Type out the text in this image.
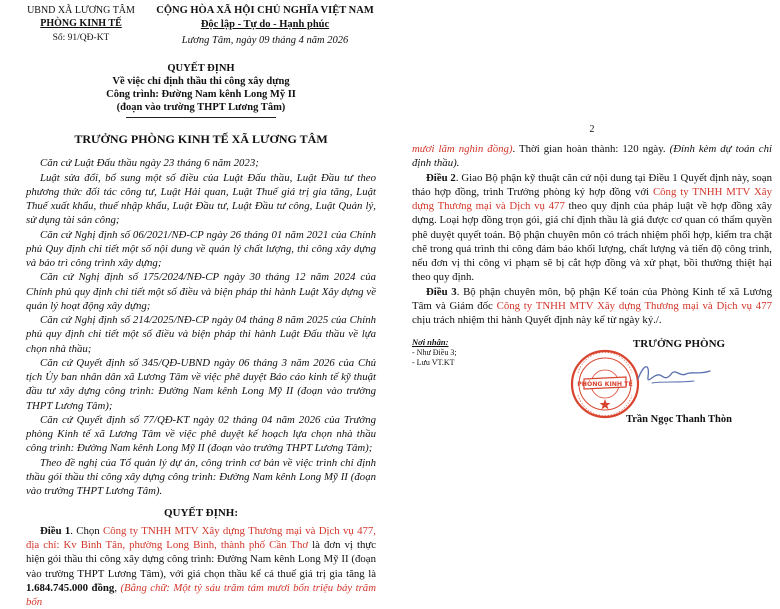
UBND XÃ LƯƠNG TÂM
PHÒNG KINH TẾ
Số: 91/QĐ-KT
CỘNG HÒA XÃ HỘI CHỦ NGHĨA VIỆT NAM
Độc lập - Tự do - Hạnh phúc
Lương Tâm, ngày 09 tháng 4 năm 2026
QUYẾT ĐỊNH
Về việc chỉ định thầu thi công xây dựng
Công trình: Đường Nam kênh Long Mỹ II
(đoạn vào trường THPT Lương Tâm)
TRƯỞNG PHÒNG KINH TẾ XÃ LƯƠNG TÂM

Căn cứ Luật Đấu thầu ngày 23 tháng 6 năm 2023;

Luật sửa đổi, bổ sung một số điều của Luật Đấu thầu, Luật Đầu tư theo phương thức đối tác công tư, Luật Hải quan, Luật Thuế giá trị gia tăng, Luật Thuế xuất khẩu, thuế nhập khẩu, Luật Đầu tư, Luật Đầu tư công, Luật Quản lý, sử dụng tài sản công;

Căn cứ Nghị định số 06/2021/NĐ-CP ngày 26 tháng 01 năm 2021 của Chính phủ Quy định chi tiết một số nội dung về quản lý chất lượng, thi công xây dựng và bảo trì công trình xây dựng;

Căn cứ Nghị định số 175/2024/NĐ-CP ngày 30 tháng 12 năm 2024 của Chính phủ quy định chi tiết một số điều và biện pháp thi hành Luật Xây dựng về quản lý hoạt động xây dựng;

Căn cứ Nghị định số 214/2025/NĐ-CP ngày 04 tháng 8 năm 2025 của Chính phủ quy định chi tiết một số điều và biện pháp thi hành Luật Đấu thầu về lựa chọn nhà thầu;

Căn cứ Quyết định số 345/QĐ-UBND ngày 06 tháng 3 năm 2026 của Chủ tịch Ủy ban nhân dân xã Lương Tâm về việc phê duyệt Báo cáo kinh tế kỹ thuật đầu tư xây dựng công trình: Đường Nam kênh Long Mỹ II (đoạn vào trường THPT Lương Tâm);

Căn cứ Quyết định số 77/QĐ-KT ngày 02 tháng 04 năm 2026 của Trưởng phòng Kinh tế xã Lương Tâm về việc phê duyệt kế hoạch lựa chọn nhà thầu công trình: Đường Nam kênh Long Mỹ II (đoạn vào trường THPT Lương Tâm);

Theo đề nghị của Tổ quản lý dự án, công trình cơ bản về việc trình chỉ định thầu gói thầu thi công xây dựng công trình: Đường Nam kênh Long Mỹ II (đoạn vào trường THPT Lương Tâm).

QUYẾT ĐỊNH:

Điều 1. Chọn Công ty TNHH MTV Xây dựng Thương mại và Dịch vụ 477, địa chỉ: Kv Bình Tân, phường Long Bình, thành phố Cần Thơ là đơn vị thực hiện gói thầu thi công xây dựng công trình: Đường Nam kênh Long Mỹ II (đoạn vào trường THPT Lương Tâm), với giá chọn thầu kể cả thuế giá trị gia tăng là 1.684.745.000 đồng, (Bằng chữ: Một tỷ sáu trăm tám mươi bốn triệu bảy trăm bốn

2

mươi lăm nghìn đồng). Thời gian hoàn thành: 120 ngày. (Đính kèm dự toán chi định thầu).

Điều 2. Giao Bộ phận kỹ thuật căn cứ nội dung tại Điều 1 Quyết định này, soạn thảo hợp đồng, trình Trưởng phòng ký hợp đồng với Công ty TNHH MTV Xây dựng Thương mại và Dịch vụ 477 theo quy định của pháp luật về hợp đồng xây dựng. Loại hợp đồng trọn gói, giá chỉ định thầu là giá được cơ quan có thẩm quyền phê duyệt quyết toán. Bộ phận chuyên môn có trách nhiệm phối hợp, kiểm tra chặt chẽ trong quá trình thi công đảm bảo khối lượng, chất lượng và tiến độ công trình, nếu đơn vị thi công vi phạm sẽ bị cắt hợp đồng và xử phạt, bồi thường thiệt hại theo quy định.

Điều 3. Bộ phận chuyên môn, bộ phận Kế toán của Phòng Kinh tế xã Lương Tâm và Giám đốc Công ty TNHH MTV Xây dựng Thương mại và Dịch vụ 477 chịu trách nhiệm thi hành Quyết định này kể từ ngày ký./.

Nơi nhận:
- Như Điều 3;
- Lưu VT.KT
TRƯỞNG PHÒNG
Trần Ngọc Thanh Thòn
PHÒNG KINH TẾ
